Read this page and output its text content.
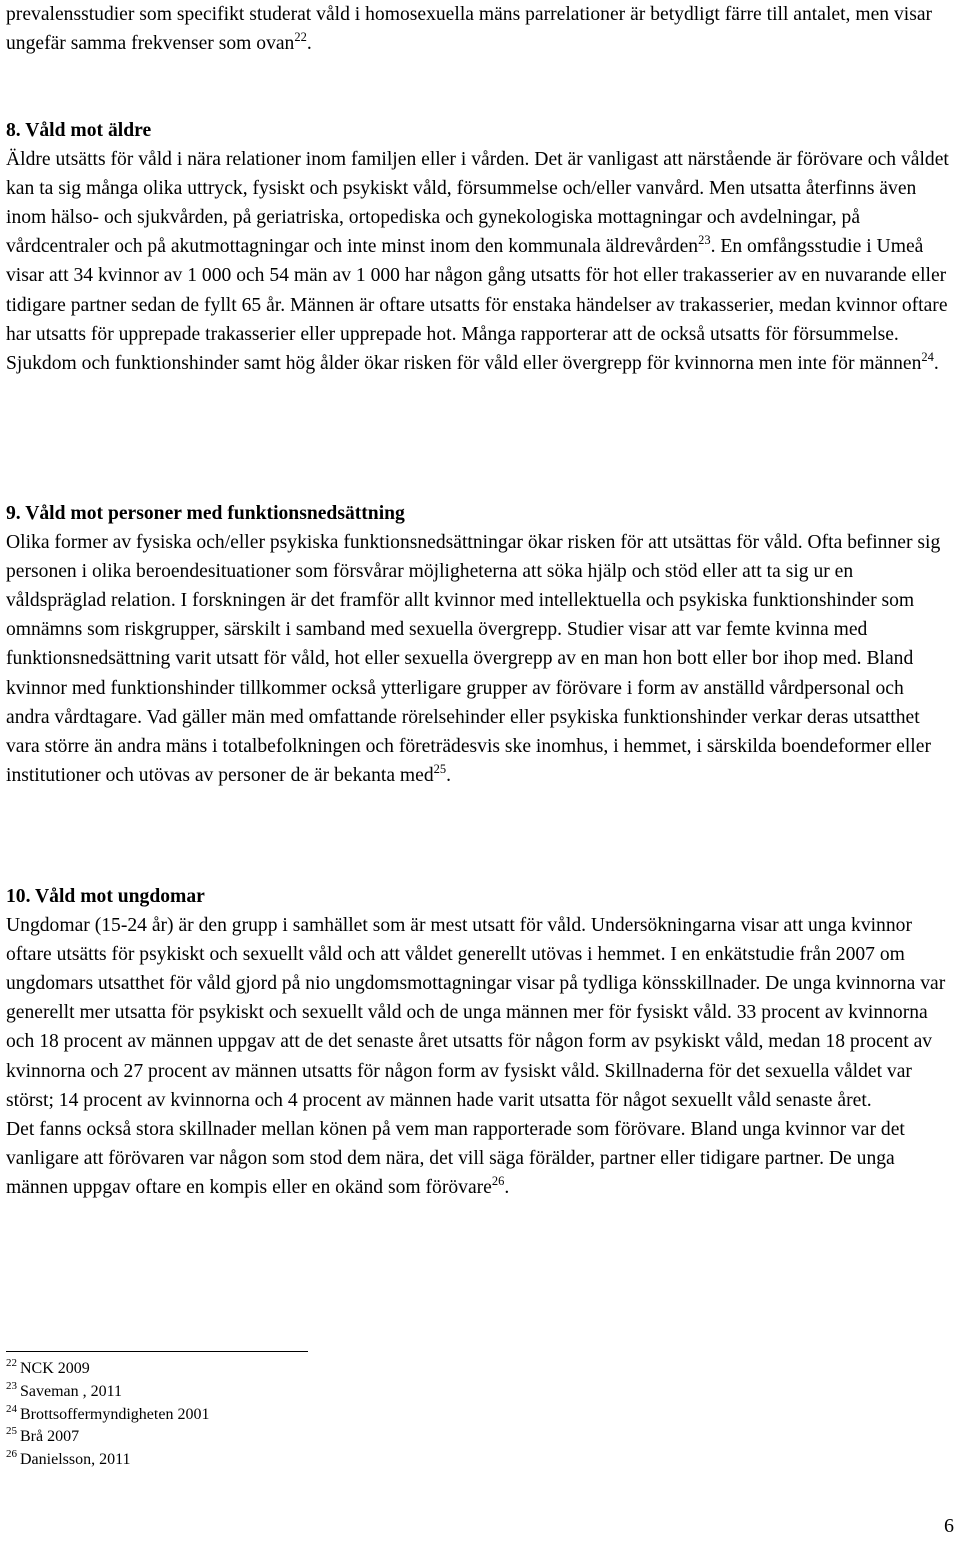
prevalensstudier som specifikt studerat våld i homosexuella mäns parrelationer är betydligt färre till antalet, men visar ungefär samma frekvenser som ovan$^{22}$.
8. Våld mot äldre
Äldre utsätts för våld i nära relationer inom familjen eller i vården. Det är vanligast att närstående är förövare och våldet kan ta sig många olika uttryck, fysiskt och psykiskt våld, försummelse och/eller vanvård. Men utsatta återfinns även inom hälso- och sjukvården, på geriatriska, ortopediska och gynekologiska mottagningar och avdelningar, på vårdcentraler och på akutmottagningar och inte minst inom den kommunala äldrevården$^{23}$. En omfångsstudie i Umeå visar att 34 kvinnor av 1 000 och 54 män av 1 000 har någon gång utsatts för hot eller trakasserier av en nuvarande eller tidigare partner sedan de fyllt 65 år. Männen är oftare utsatts för enstaka händelser av trakasserier, medan kvinnor oftare har utsatts för upprepade trakasserier eller upprepade hot. Många rapporterar att de också utsatts för försummelse. Sjukdom och funktionshinder samt hög ålder ökar risken för våld eller övergrepp för kvinnorna men inte för männen$^{24}$.
9. Våld mot personer med funktionsnedsättning
Olika former av fysiska och/eller psykiska funktionsnedsättningar ökar risken för att utsättas för våld. Ofta befinner sig personen i olika beroendesituationer som försvårar möjligheterna att söka hjälp och stöd eller att ta sig ur en våldspräglad relation. I forskningen är det framför allt kvinnor med intellektuella och psykiska funktionshinder som omnämns som riskgrupper, särskilt i samband med sexuella övergrepp. Studier visar att var femte kvinna med funktionsnedsättning varit utsatt för våld, hot eller sexuella övergrepp av en man hon bott eller bor ihop med. Bland kvinnor med funktionshinder tillkommer också ytterligare grupper av förövare i form av anställd vårdpersonal och andra vårdtagare. Vad gäller män med omfattande rörelsehinder eller psykiska funktionshinder verkar deras utsatthet vara större än andra mäns i totalbefolkningen och företrädesvis ske inomhus, i hemmet, i särskilda boendeformer eller institutioner och utövas av personer de är bekanta med$^{25}$.
10. Våld mot ungdomar
Ungdomar (15-24 år) är den grupp i samhället som är mest utsatt för våld. Undersökningarna visar att unga kvinnor oftare utsätts för psykiskt och sexuellt våld och att våldet generellt utövas i hemmet. I en enkätstudie från 2007 om ungdomars utsatthet för våld gjord på nio ungdomsmottagningar visar på tydliga könsskillnader. De unga kvinnorna var generellt mer utsatta för psykiskt och sexuellt våld och de unga männen mer för fysiskt våld. 33 procent av kvinnorna och 18 procent av männen uppgav att de det senaste året utsatts för någon form av psykiskt våld, medan 18 procent av kvinnorna och 27 procent av männen utsatts för någon form av fysiskt våld. Skillnaderna för det sexuella våldet var störst; 14 procent av kvinnorna och 4 procent av männen hade varit utsatta för något sexuellt våld senaste året.
Det fanns också stora skillnader mellan könen på vem man rapporterade som förövare. Bland unga kvinnor var det vanligare att förövaren var någon som stod dem nära, det vill säga förälder, partner eller tidigare partner. De unga männen uppgav oftare en kompis eller en okänd som förövare$^{26}$.
$^{22}$ NCK 2009
$^{23}$ Saveman , 2011
$^{24}$ Brottsoffermyndigheten 2001
$^{25}$ Brå 2007
$^{26}$ Danielsson, 2011
6
